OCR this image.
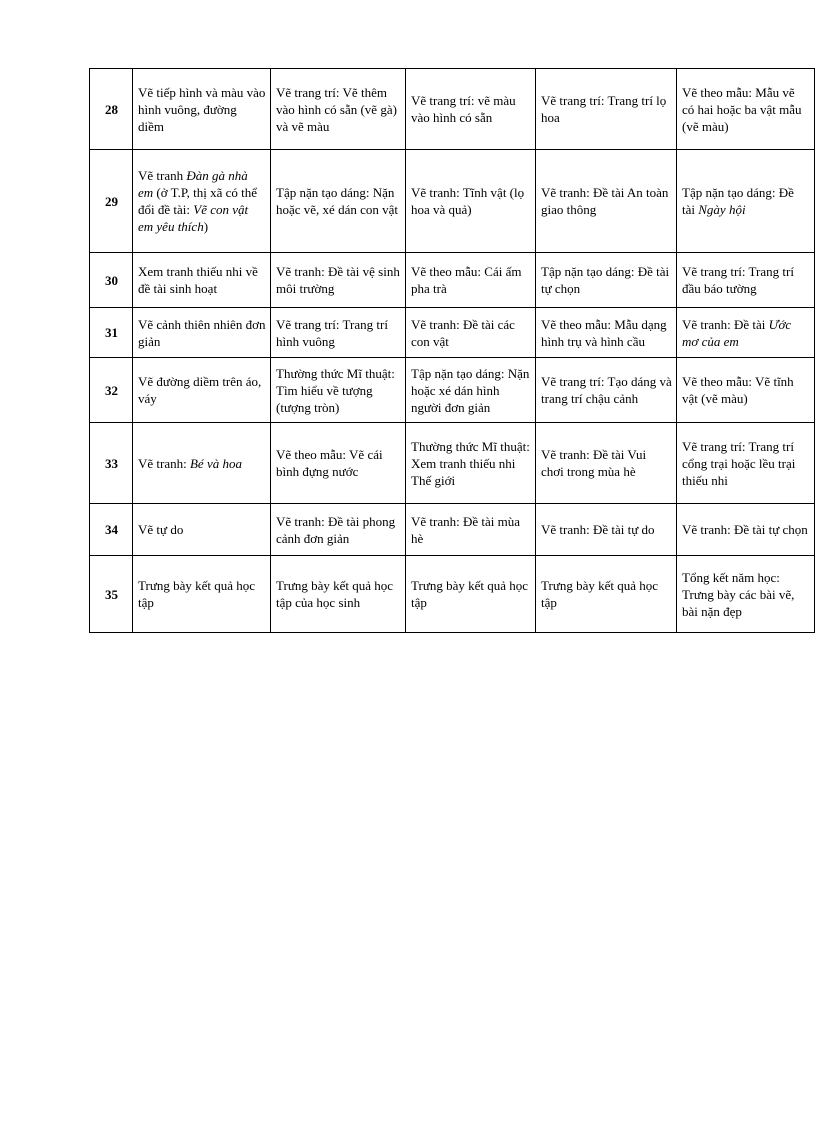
28	Vẽ tiếp hình và màu vào hình vuông, đường diềm	Vẽ trang trí: Vẽ thêm vào hình có sẵn (vẽ gà) và vẽ màu	Vẽ trang trí: vẽ màu vào hình có sẵn	Vẽ trang trí: Trang trí lọ hoa	Vẽ theo mẫu: Mẫu vẽ có hai hoặc ba vật mẫu (vẽ màu)
29	Vẽ tranh Đàn gà nhà em (ở T.P, thị xã có thể đổi đề tài: Vẽ con vật em yêu thích)	Tập nặn tạo dáng: Nặn hoặc vẽ, xé dán con vật	Vẽ tranh: Tĩnh vật (lọ hoa và quả)	Vẽ tranh: Đề tài An toàn giao thông	Tập nặn tạo dáng: Đề tài Ngày hội
30	Xem tranh thiếu nhi về đề tài sinh hoạt	Vẽ tranh: Đề tài vệ sinh môi trường	Vẽ theo mẫu: Cái ấm pha trà	Tập nặn tạo dáng: Đề tài tự chọn	Vẽ trang trí: Trang trí đầu báo tường
31	Vẽ cảnh thiên nhiên đơn giản	Vẽ trang trí: Trang trí hình vuông	Vẽ tranh: Đề tài các con vật	Vẽ theo mẫu: Mẫu dạng hình trụ và hình cầu	Vẽ tranh: Đề tài Ước mơ của em
32	Vẽ đường diềm trên áo, váy	Thường thức Mĩ thuật: Tìm hiểu về tượng (tượng tròn)	Tập nặn tạo dáng: Nặn hoặc xé dán hình người đơn giản	Vẽ trang trí: Tạo dáng và trang trí chậu cảnh	Vẽ theo mẫu: Vẽ tĩnh vật (vẽ màu)
33	Vẽ tranh: Bé và hoa	Vẽ theo mẫu: Vẽ cái bình đựng nước	Thường thức Mĩ thuật: Xem tranh thiếu nhi Thế giới	Vẽ tranh: Đề tài Vui chơi trong mùa hè	Vẽ trang trí: Trang trí cổng trại hoặc lều trại thiếu nhi
34	Vẽ tự do	Vẽ tranh: Đề tài phong cảnh đơn giản	Vẽ tranh: Đề tài mùa hè	Vẽ tranh: Đề tài tự do	Vẽ tranh: Đề tài tự chọn
35	Trưng bày kết quả học tập	Trưng bày kết quả học tập của học sinh	Trưng bày kết quả học tập	Trưng bày kết quả học tập	Tổng kết năm học: Trưng bày các bài vẽ, bài nặn đẹp
